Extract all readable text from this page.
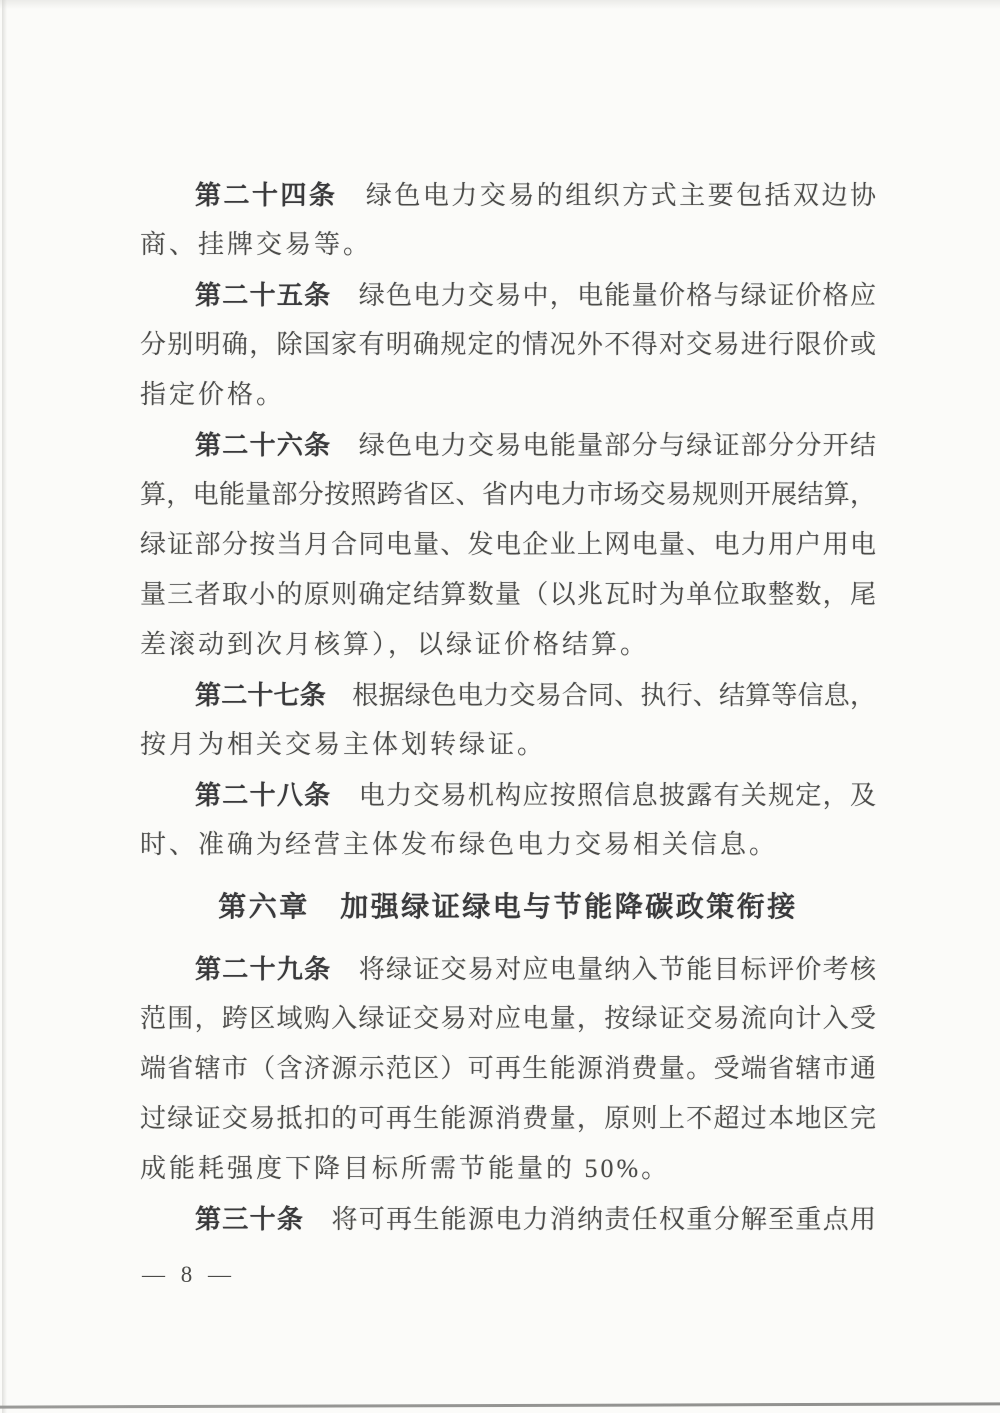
第二十四条　绿色电力交易的组织方式主要包括双边协
商、挂牌交易等。
第二十五条　绿色电力交易中，电能量价格与绿证价格应
分别明确，除国家有明确规定的情况外不得对交易进行限价或
指定价格。
第二十六条　绿色电力交易电能量部分与绿证部分分开结
算，电能量部分按照跨省区、省内电力市场交易规则开展结算，
绿证部分按当月合同电量、发电企业上网电量、电力用户用电
量三者取小的原则确定结算数量（以兆瓦时为单位取整数，尾
差滚动到次月核算），以绿证价格结算。
第二十七条　根据绿色电力交易合同、执行、结算等信息，
按月为相关交易主体划转绿证。
第二十八条　电力交易机构应按照信息披露有关规定，及
时、准确为经营主体发布绿色电力交易相关信息。
第六章　加强绿证绿电与节能降碳政策衔接
第二十九条　将绿证交易对应电量纳入节能目标评价考核
范围，跨区域购入绿证交易对应电量，按绿证交易流向计入受
端省辖市（含济源示范区）可再生能源消费量。受端省辖市通
过绿证交易抵扣的可再生能源消费量，原则上不超过本地区完
成能耗强度下降目标所需节能量的 50%。
第三十条　将可再生能源电力消纳责任权重分解至重点用
— 8 —
